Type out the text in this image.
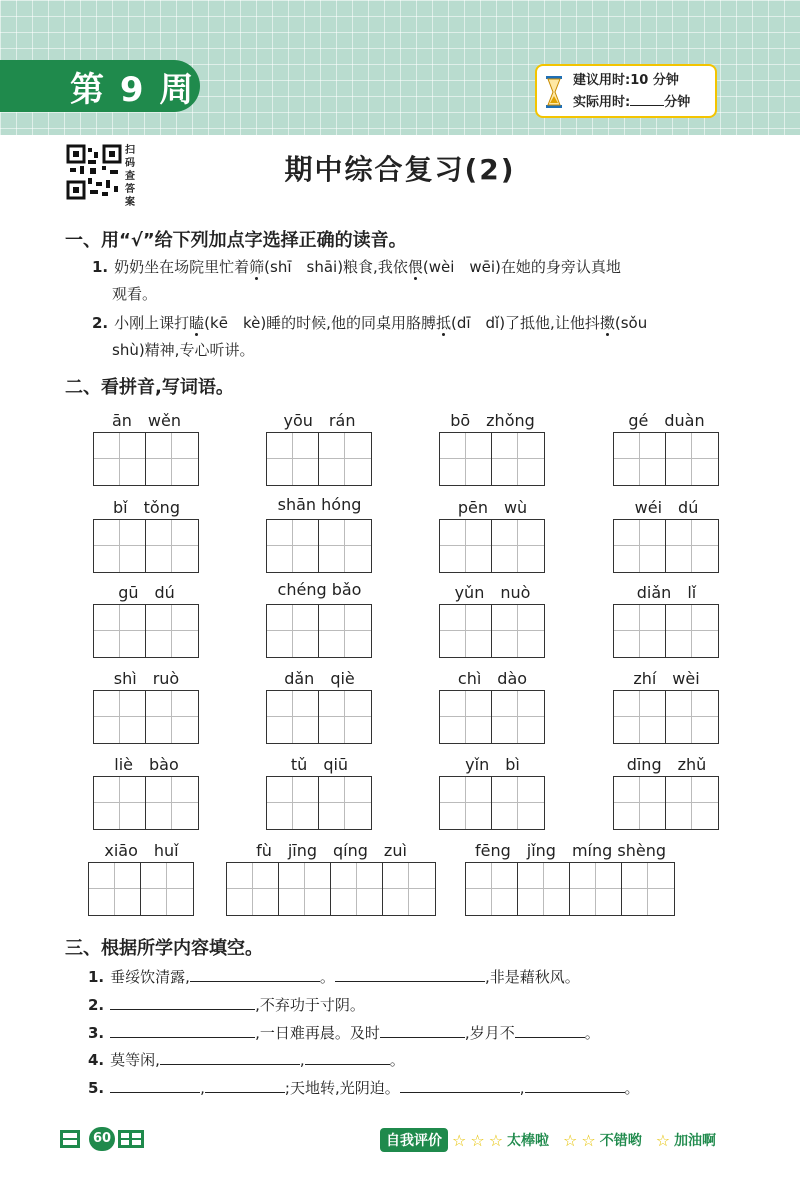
第 9 周	建议用时:10 分钟
实际用时:	分钟
扫
码
查
答
案
期中综合复习(2)
一、用“√”给下列加点字选择正确的读音。
1. 奶奶坐在场院里忙着筛(shī　shāi)粮食,我依偎(wèi　wēi)在她的身旁认真地
观看。
2. 小刚上课打瞌(kē　kè)睡的时候,他的同桌用胳膊抵(dī　dǐ)了抵他,让他抖擞(sǒu
shù)精神,专心听讲。
二、看拼音,写词语。
ān　wěn	yōu　rán	bō　zhǒng	gé　duàn
bǐ　tǒng	shān hóng	pēn　wù	wéi　dú
gū　dú	chéng bǎo	yǔn　nuò	diǎn　lǐ
shì　ruò	dǎn　qiè	chì　dào	zhí　wèi
liè　bào	tǔ　qiū	yǐn　bì	dīng　zhǔ
xiāo　huǐ	fù　jīng　qíng　zuì	fēng　jǐng　míng shèng
三、根据所学内容填空。
1. 垂绥饮清露,	。	,非是藉秋风。
2.	,不弃功于寸阴。
3.	,一日难再晨。及时	,岁月不	。
4. 莫等闲,	,	。
5.	,	;天地转,光阴迫。	,	。
60	自我评价 ☆ ☆ ☆ 太棒啦 ☆ ☆ 不错哟 ☆ 加油啊
